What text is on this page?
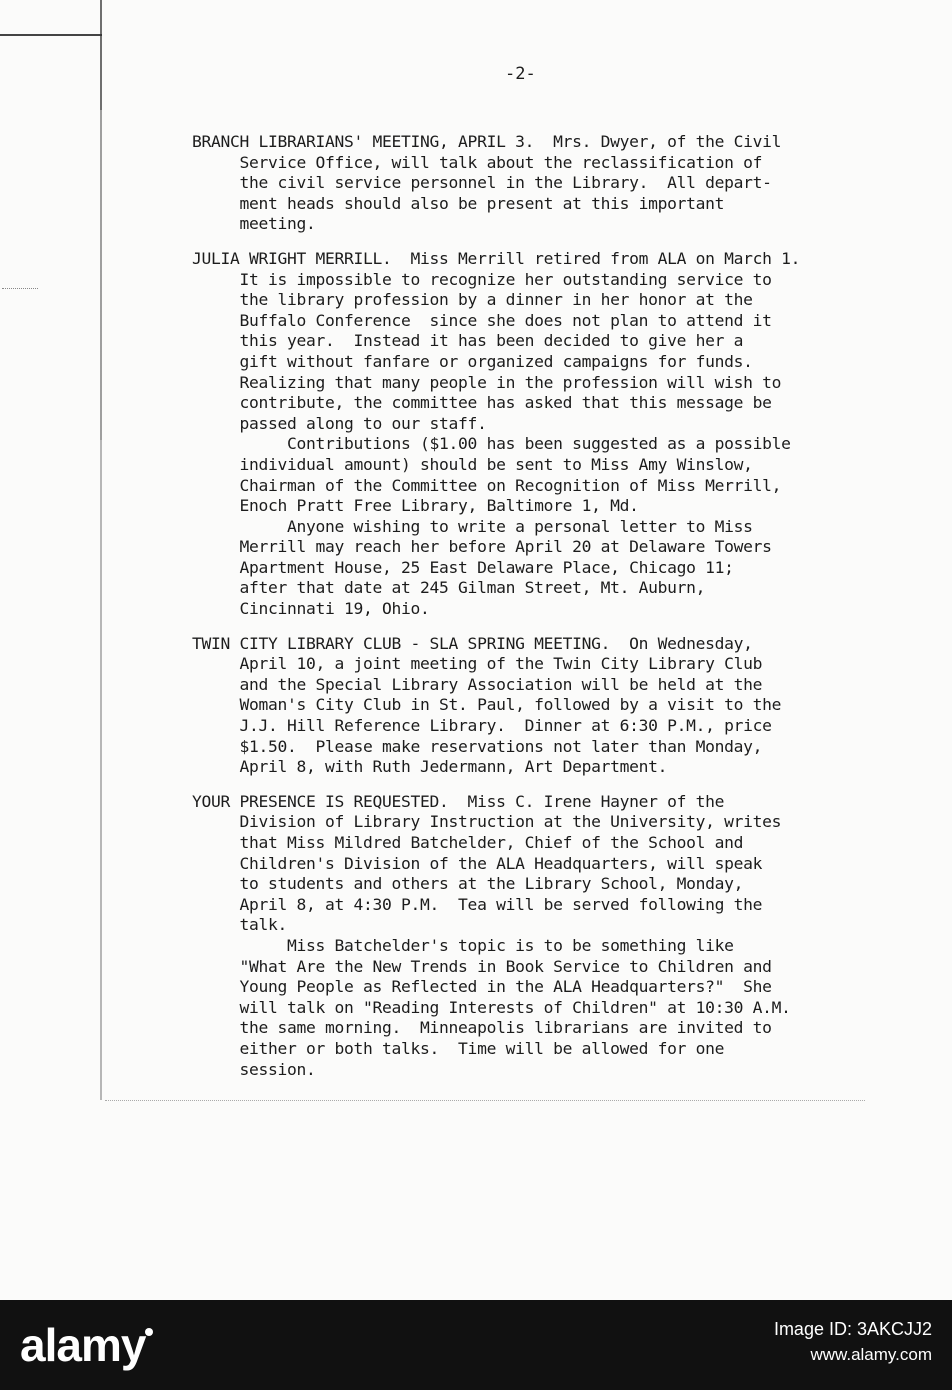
-2-
BRANCH LIBRARIANS' MEETING, APRIL 3.  Mrs. Dwyer, of the Civil
Service Office, will talk about the reclassification of
the civil service personnel in the Library.  All depart-
ment heads should also be present at this important
meeting.
JULIA WRIGHT MERRILL.  Miss Merrill retired from ALA on March 1.
It is impossible to recognize her outstanding service to
the library profession by a dinner in her honor at the
Buffalo Conference  since she does not plan to attend it
this year.  Instead it has been decided to give her a
gift without fanfare or organized campaigns for funds.
Realizing that many people in the profession will wish to
contribute, the committee has asked that this message be
passed along to our staff.
Contributions ($1.00 has been suggested as a possible
individual amount) should be sent to Miss Amy Winslow,
Chairman of the Committee on Recognition of Miss Merrill,
Enoch Pratt Free Library, Baltimore 1, Md.
Anyone wishing to write a personal letter to Miss
Merrill may reach her before April 20 at Delaware Towers
Apartment House, 25 East Delaware Place, Chicago 11;
after that date at 245 Gilman Street, Mt. Auburn,
Cincinnati 19, Ohio.
TWIN CITY LIBRARY CLUB - SLA SPRING MEETING.  On Wednesday,
April 10, a joint meeting of the Twin City Library Club
and the Special Library Association will be held at the
Woman's City Club in St. Paul, followed by a visit to the
J.J. Hill Reference Library.  Dinner at 6:30 P.M., price
$1.50.  Please make reservations not later than Monday,
April 8, with Ruth Jedermann, Art Department.
YOUR PRESENCE IS REQUESTED.  Miss C. Irene Hayner of the
Division of Library Instruction at the University, writes
that Miss Mildred Batchelder, Chief of the School and
Children's Division of the ALA Headquarters, will speak
to students and others at the Library School, Monday,
April 8, at 4:30 P.M.  Tea will be served following the
talk.
Miss Batchelder's topic is to be something like
"What Are the New Trends in Book Service to Children and
Young People as Reflected in the ALA Headquarters?"  She
will talk on "Reading Interests of Children" at 10:30 A.M.
the same morning.  Minneapolis librarians are invited to
either or both talks.  Time will be allowed for one
session.
alamy	Image ID: 3AKCJJ2
www.alamy.com
